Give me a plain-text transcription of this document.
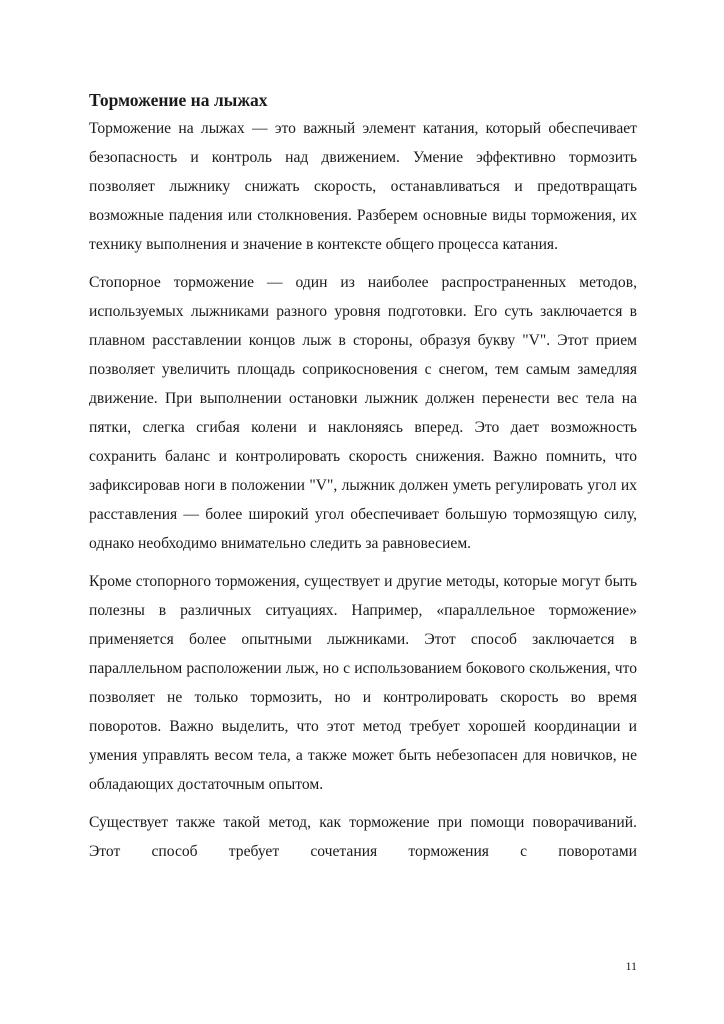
Торможение на лыжах

Торможение на лыжах — это важный элемент катания, который обеспечивает безопасность и контроль над движением. Умение эффективно тормозить позволяет лыжнику снижать скорость, останавливаться и предотвращать возможные падения или столкновения. Разберем основные виды торможения, их технику выполнения и значение в контексте общего процесса катания.

Стопорное торможение — один из наиболее распространенных методов, используемых лыжниками разного уровня подготовки. Его суть заключается в плавном расставлении концов лыж в стороны, образуя букву "V". Этот прием позволяет увеличить площадь соприкосновения с снегом, тем самым замедляя движение. При выполнении остановки лыжник должен перенести вес тела на пятки, слегка сгибая колени и наклоняясь вперед. Это дает возможность сохранить баланс и контролировать скорость снижения. Важно помнить, что зафиксировав ноги в положении "V", лыжник должен уметь регулировать угол их расставления — более широкий угол обеспечивает большую тормозящую силу, однако необходимо внимательно следить за равновесием.

Кроме стопорного торможения, существует и другие методы, которые могут быть полезны в различных ситуациях. Например, «параллельное торможение» применяется более опытными лыжниками. Этот способ заключается в параллельном расположении лыж, но с использованием бокового скольжения, что позволяет не только тормозить, но и контролировать скорость во время поворотов. Важно выделить, что этот метод требует хорошей координации и умения управлять весом тела, а также может быть небезопасен для новичков, не обладающих достаточным опытом.

Существует также такой метод, как торможение при помощи поворачиваний. Этот способ требует сочетания торможения с поворотами

11
